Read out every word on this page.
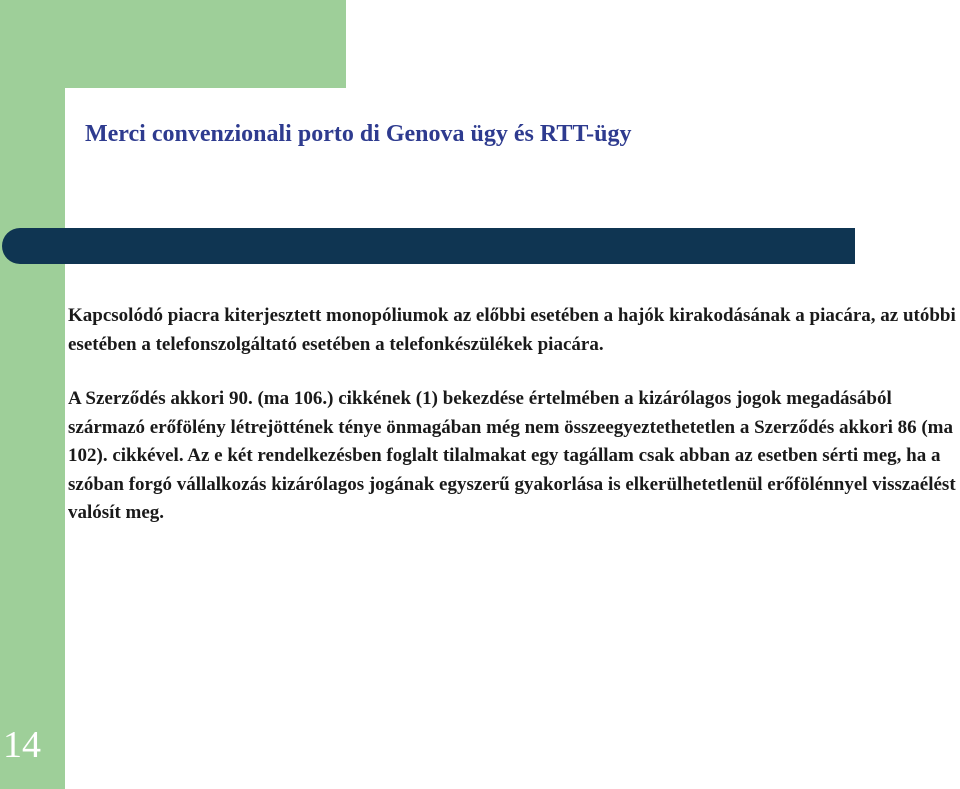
Merci convenzionali porto di Genova ügy és RTT-ügy

Kapcsolódó piacra kiterjesztett monopóliumok az előbbi esetében a hajók kirakodásának a piacára, az utóbbi esetében a telefonszolgáltató esetében a telefonkészülékek piacára.

A Szerződés akkori 90. (ma 106.) cikkének (1) bekezdése értelmében a kizárólagos jogok megadásából származó erőfölény létrejöttének ténye önmagában még nem összeegyeztethetetlen a Szerződés akkori 86 (ma 102). cikkével. Az e két rendelkezésben foglalt tilalmakat egy tagállam csak abban az esetben sérti meg, ha a szóban forgó vállalkozás kizárólagos jogának egyszerű gyakorlása is elkerülhetetlenül erőfölénnyel visszaélést valósít meg.

14
